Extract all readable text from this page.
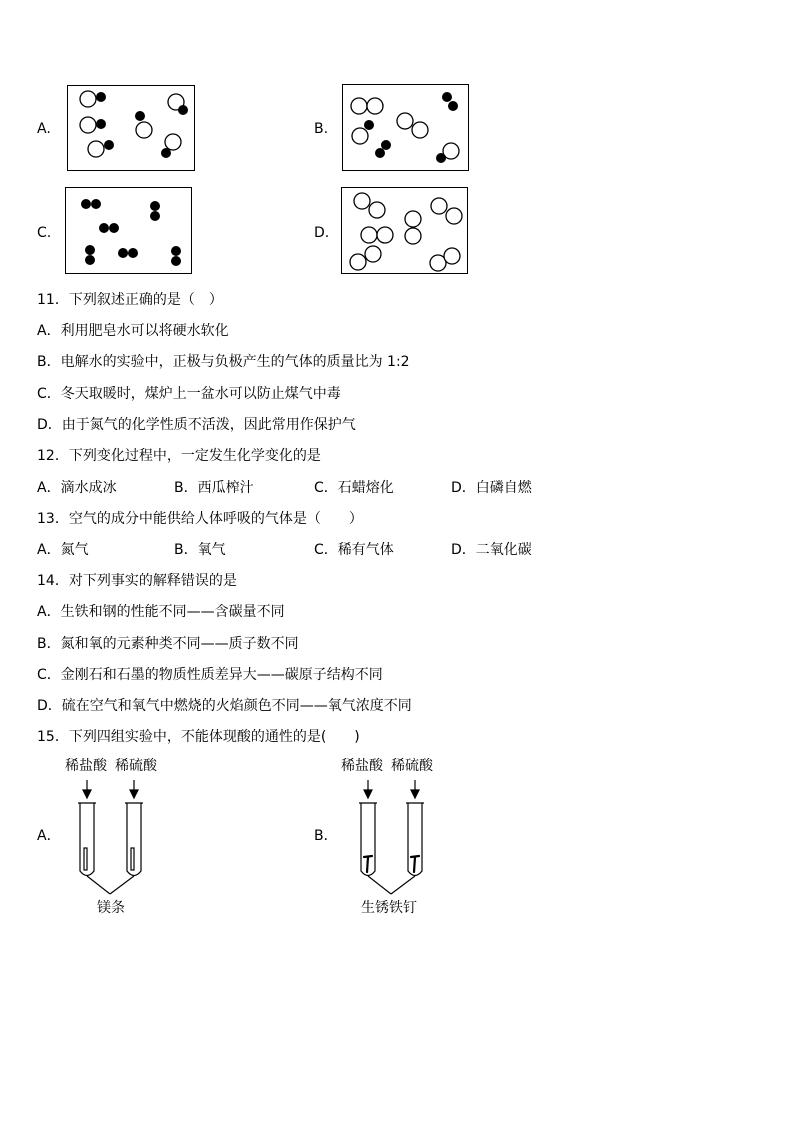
A.	B.
C.	D.
11．下列叙述正确的是（　）
A．利用肥皂水可以将硬水软化
B．电解水的实验中，正极与负极产生的气体的质量比为 1:2
C．冬天取暖时，煤炉上一盆水可以防止煤气中毒
D．由于氮气的化学性质不活泼，因此常用作保护气
12．下列变化过程中，一定发生化学变化的是
A．滴水成冰	B．西瓜榨汁	C．石蜡熔化	D．白磷自燃
13．空气的成分中能供给人体呼吸的气体是（　　）
A．氮气	B．氧气	C．稀有气体	D．二氧化碳
14．对下列事实的解释错误的是
A．生铁和钢的性能不同——含碳量不同
B．氮和氧的元素种类不同——质子数不同
C．金刚石和石墨的物质性质差异大——碳原子结构不同
D．硫在空气和氧气中燃烧的火焰颜色不同——氧气浓度不同
15．下列四组实验中，不能体现酸的通性的是(　　)
A．
稀盐酸 稀硫酸
镁条
B．
稀盐酸 稀硫酸
生锈铁钉
